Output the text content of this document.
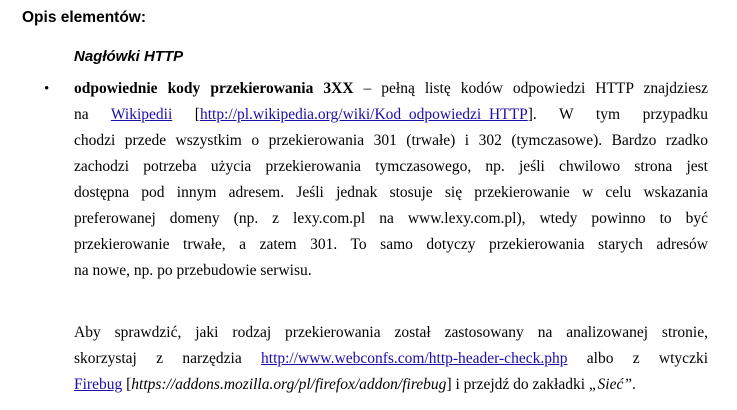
Opis elementów:
Nagłówki HTTP
• odpowiednie kody przekierowania 3XX – pełną listę kodów odpowiedzi HTTP znajdziesz
na Wikipedii [http://pl.wikipedia.org/wiki/Kod_odpowiedzi_HTTP]. W tym przypadku
chodzi przede wszystkim o przekierowania 301 (trwałe) i 302 (tymczasowe). Bardzo rzadko
zachodzi potrzeba użycia przekierowania tymczasowego, np. jeśli chwilowo strona jest
dostępna pod innym adresem. Jeśli jednak stosuje się przekierowanie w celu wskazania
preferowanej domeny (np. z lexy.com.pl na www.lexy.com.pl), wtedy powinno to być
przekierowanie trwałe, a zatem 301. To samo dotyczy przekierowania starych adresów
na nowe, np. po przebudowie serwisu.
Aby sprawdzić, jaki rodzaj przekierowania został zastosowany na analizowanej stronie,
skorzystaj z narzędzia http://www.webconfs.com/http-header-check.php albo z wtyczki
Firebug [https://addons.mozilla.org/pl/firefox/addon/firebug] i przejdź do zakładki „Sieć”.
